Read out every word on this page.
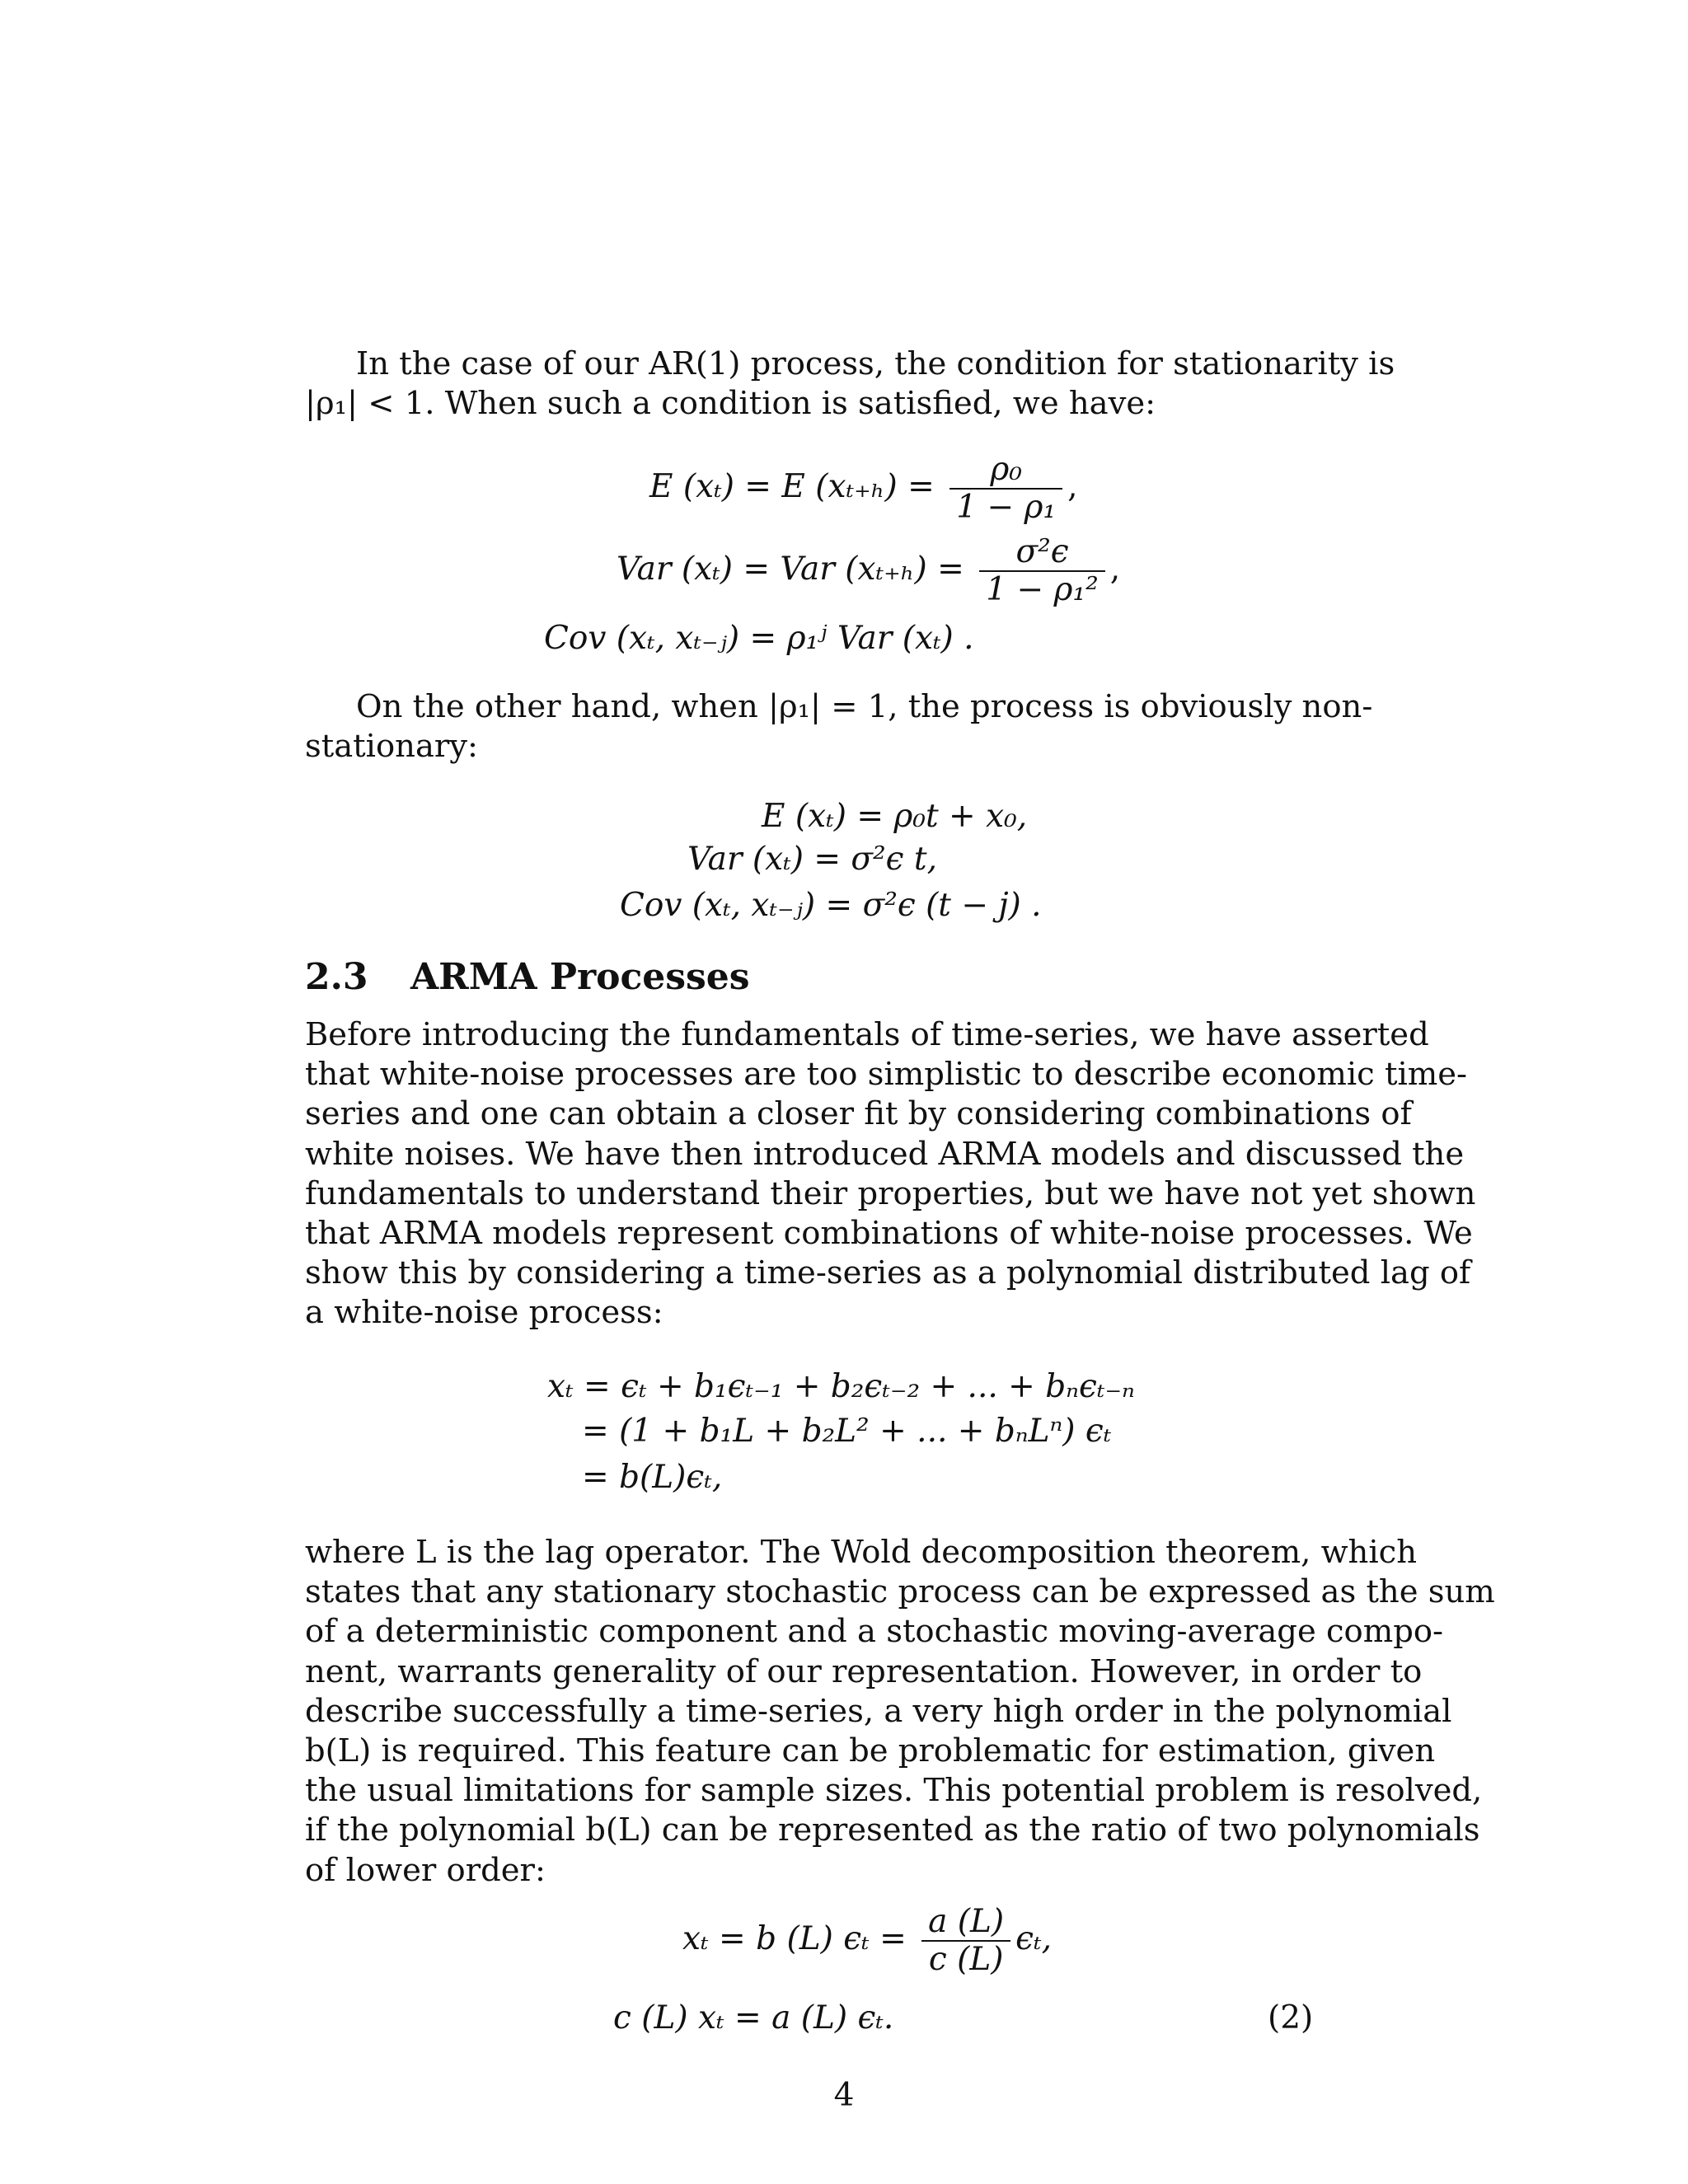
In the case of our AR(1) process, the condition for stationarity is
|ρ₁| < 1. When such a condition is satisfied, we have:
E (xₜ) = E $(x_{t+h}) = \frac{\text{ρ₀}}{\text{1 − ρ₁}}$ ,
Var (xₜ) = Var $(x_{t+h}) = \frac{\text{σ²ϵ}}{\text{1 − ρ₁²}}$ ,
Cov (xₜ, xₜ₋ⱼ) = ρ₁ʲ Var (xₜ) .
On the other hand, when |ρ₁| = 1, the process is obviously non-
stationary:
E (xₜ) = ρ₀t + x₀,
Var (xₜ) = σ²ϵ t,
Cov (xₜ, xₜ₋ⱼ) = σ²ϵ (t − j) .
2.3 ARMA Processes
Before introducing the fundamentals of time-series, we have asserted
that white-noise processes are too simplistic to describe economic time-
series and one can obtain a closer fit by considering combinations of
white noises. We have then introduced ARMA models and discussed the
fundamentals to understand their properties, but we have not yet shown
that ARMA models represent combinations of white-noise processes. We
show this by considering a time-series as a polynomial distributed lag of
a white-noise process:
xₜ = ϵₜ + b₁ϵₜ₋₁ + b₂ϵₜ₋₂ + ... + bₙϵₜ₋ₙ
= (1 + b₁L + b₂L² + ... + bₙLⁿ) ϵₜ
= b(L)ϵₜ,
where L is the lag operator. The Wold decomposition theorem, which
states that any stationary stochastic process can be expressed as the sum
of a deterministic component and a stochastic moving-average compo-
nent, warrants generality of our representation. However, in order to
describe successfully a time-series, a very high order in the polynomial
b(L) is required. This feature can be problematic for estimation, given
the usual limitations for sample sizes. This potential problem is resolved,
if the polynomial b(L) can be represented as the ratio of two polynomials
of lower order:
xₜ = b (L) $\epsilon_t = \frac{a (L)}{c (L)} \epsilon_t$,
c (L) xₜ = a (L) ϵₜ.	(2)
4
